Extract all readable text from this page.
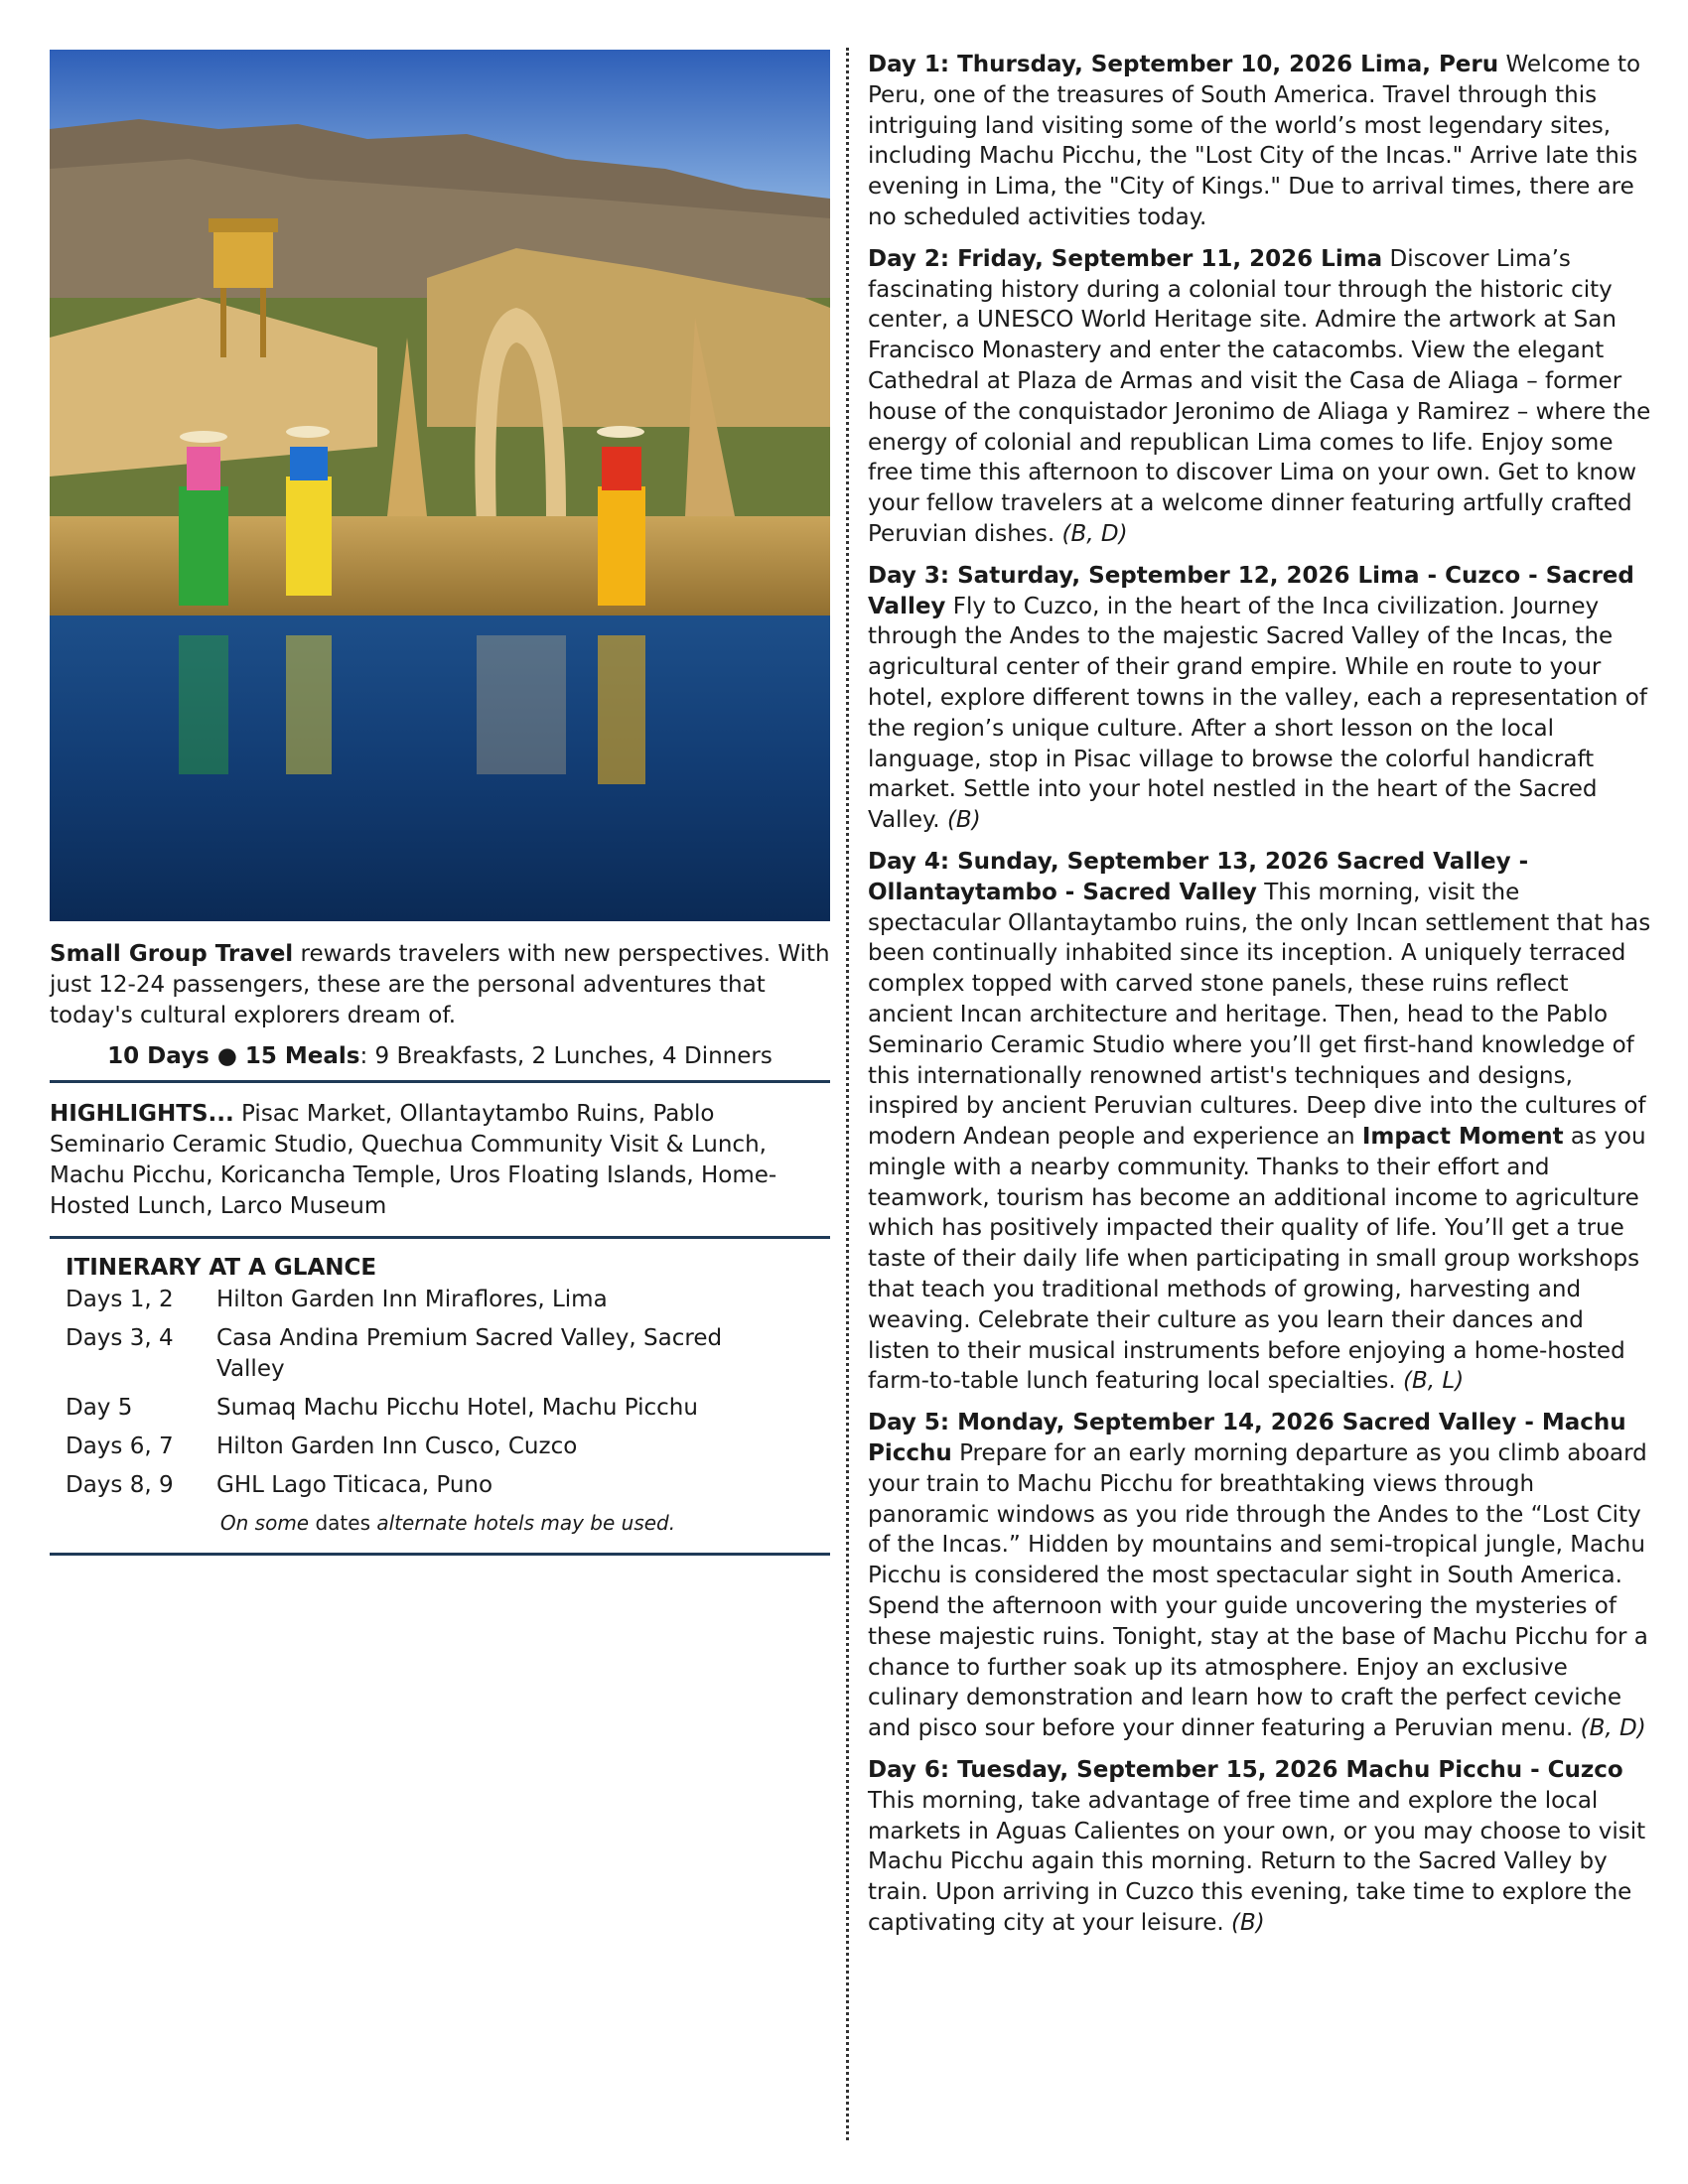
Small Group Travel rewards travelers with new perspectives. With just 12-24 passengers, these are the personal adventures that today's cultural explorers dream of.

10 Days ● 15 Meals: 9 Breakfasts, 2 Lunches, 4 Dinners

HIGHLIGHTS... Pisac Market, Ollantaytambo Ruins, Pablo Seminario Ceramic Studio, Quechua Community Visit & Lunch, Machu Picchu, Koricancha Temple, Uros Floating Islands, Home-Hosted Lunch, Larco Museum

ITINERARY AT A GLANCE
Days 1, 2	Hilton Garden Inn Miraflores, Lima
Days 3, 4	Casa Andina Premium Sacred Valley, Sacred Valley
Day 5	Sumaq Machu Picchu Hotel, Machu Picchu
Days 6, 7	Hilton Garden Inn Cusco, Cuzco
Days 8, 9	GHL Lago Titicaca, Puno

On some dates alternate hotels may be used.

Day 1: Thursday, September 10, 2026 Lima, Peru Welcome to Peru, one of the treasures of South America. Travel through this intriguing land visiting some of the world’s most legendary sites, including Machu Picchu, the "Lost City of the Incas." Arrive late this evening in Lima, the "City of Kings." Due to arrival times, there are no scheduled activities today.

Day 2: Friday, September 11, 2026 Lima Discover Lima’s fascinating history during a colonial tour through the historic city center, a UNESCO World Heritage site. Admire the artwork at San Francisco Monastery and enter the catacombs. View the elegant Cathedral at Plaza de Armas and visit the Casa de Aliaga – former house of the conquistador Jeronimo de Aliaga y Ramirez – where the energy of colonial and republican Lima comes to life. Enjoy some free time this afternoon to discover Lima on your own. Get to know your fellow travelers at a welcome dinner featuring artfully crafted Peruvian dishes. (B, D)

Day 3: Saturday, September 12, 2026 Lima - Cuzco - Sacred Valley Fly to Cuzco, in the heart of the Inca civilization. Journey through the Andes to the majestic Sacred Valley of the Incas, the agricultural center of their grand empire. While en route to your hotel, explore different towns in the valley, each a representation of the region’s unique culture. After a short lesson on the local language, stop in Pisac village to browse the colorful handicraft market. Settle into your hotel nestled in the heart of the Sacred Valley. (B)

Day 4: Sunday, September 13, 2026 Sacred Valley - Ollantaytambo - Sacred Valley This morning, visit the spectacular Ollantaytambo ruins, the only Incan settlement that has been continually inhabited since its inception. A uniquely terraced complex topped with carved stone panels, these ruins reflect ancient Incan architecture and heritage. Then, head to the Pablo Seminario Ceramic Studio where you’ll get first-hand knowledge of this internationally renowned artist's techniques and designs, inspired by ancient Peruvian cultures. Deep dive into the cultures of modern Andean people and experience an Impact Moment as you mingle with a nearby community. Thanks to their effort and teamwork, tourism has become an additional income to agriculture which has positively impacted their quality of life. You’ll get a true taste of their daily life when participating in small group workshops that teach you traditional methods of growing, harvesting and weaving. Celebrate their culture as you learn their dances and listen to their musical instruments before enjoying a home-hosted farm-to-table lunch featuring local specialties. (B, L)

Day 5: Monday, September 14, 2026 Sacred Valley - Machu Picchu Prepare for an early morning departure as you climb aboard your train to Machu Picchu for breathtaking views through panoramic windows as you ride through the Andes to the “Lost City of the Incas.” Hidden by mountains and semi-tropical jungle, Machu Picchu is considered the most spectacular sight in South America. Spend the afternoon with your guide uncovering the mysteries of these majestic ruins. Tonight, stay at the base of Machu Picchu for a chance to further soak up its atmosphere. Enjoy an exclusive culinary demonstration and learn how to craft the perfect ceviche and pisco sour before your dinner featuring a Peruvian menu. (B, D)

Day 6: Tuesday, September 15, 2026 Machu Picchu - Cuzco This morning, take advantage of free time and explore the local markets in Aguas Calientes on your own, or you may choose to visit Machu Picchu again this morning. Return to the Sacred Valley by train. Upon arriving in Cuzco this evening, take time to explore the captivating city at your leisure. (B)
